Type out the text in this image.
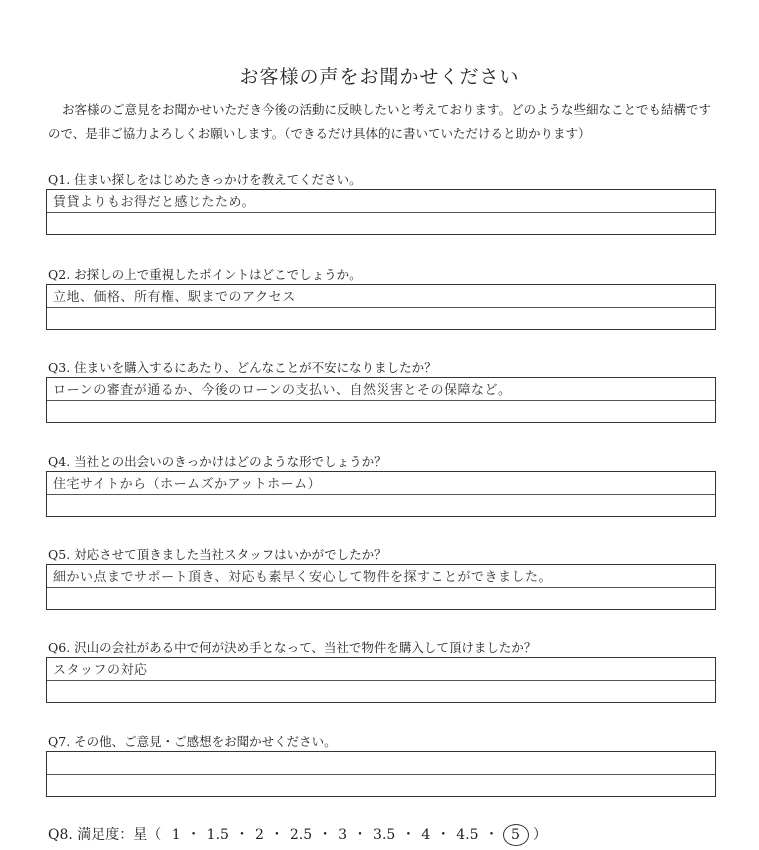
お客様の声をお聞かせください
お客様のご意見をお聞かせいただき今後の活動に反映したいと考えております。どのような些細なことでも結構ですので、是非ご協力よろしくお願いします。（できるだけ具体的に書いていただけると助かります）
Q1. 住まい探しをはじめたきっかけを教えてください。
賃貸よりもお得だと感じたため。
Q2. お探しの上で重視したポイントはどこでしょうか。
立地、価格、所有権、駅までのアクセス
Q3. 住まいを購入するにあたり、どんなことが不安になりましたか？
ローンの審査が通るか、今後のローンの支払い、自然災害とその保障など。
Q4. 当社との出会いのきっかけはどのような形でしょうか？
住宅サイトから（ホームズかアットホーム）
Q5. 対応させて頂きました当社スタッフはいかがでしたか？
細かい点までサポート頂き、対応も素早く安心して物件を探すことができました。
Q6. 沢山の会社がある中で何が決め手となって、当社で物件を購入して頂けましたか？
スタッフの対応
Q7. その他、ご意見・ご感想をお聞かせください。
Q8. 満足度：星（ 1 ・ 1.5 ・ 2 ・ 2.5 ・ 3 ・ 3.5 ・ 4 ・ 4.5 ・ 5 ）
